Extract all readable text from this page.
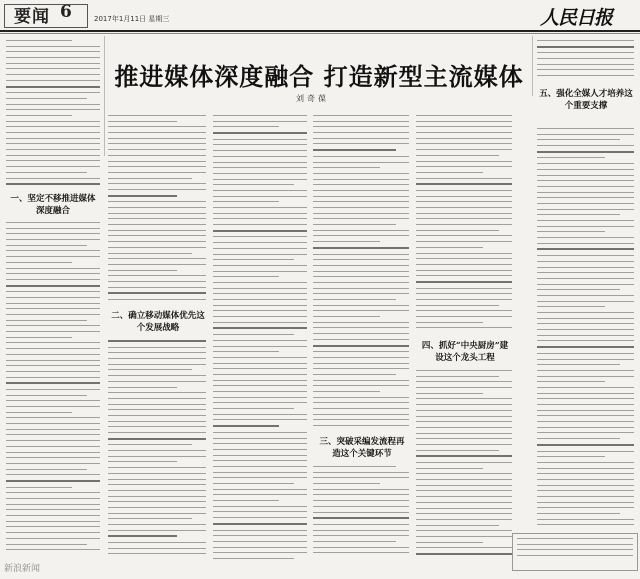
要闻 6	2017年1月11日 星期三	人民日报
推进媒体深度融合 打造新型主流媒体
刘奇葆
一、坚定不移推进媒体深度融合
二、确立移动媒体优先这个发展战略
三、突破采编发流程再造这个关键环节
四、抓好“中央厨房”建设这个龙头工程
五、强化全媒人才培养这个重要支撑
新浪新闻
